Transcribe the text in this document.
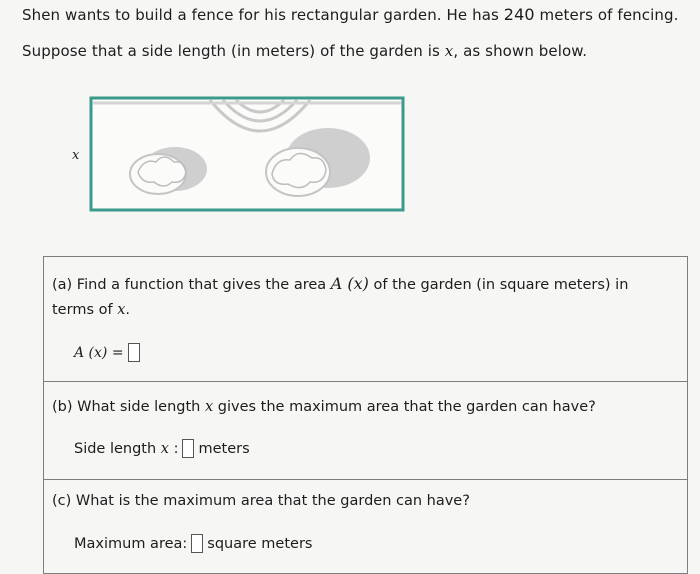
Shen wants to build a fence for his rectangular garden. He has 240 meters of fencing.
Suppose that a side length (in meters) of the garden is x, as shown below.
x
(a) Find a function that gives the area A (x) of the garden (in square meters) in
terms of x.
A (x) =
(b) What side length x gives the maximum area that the garden can have?
Side length
x
: meters
(c) What is the maximum area that the garden can have?
Maximum area: square meters
